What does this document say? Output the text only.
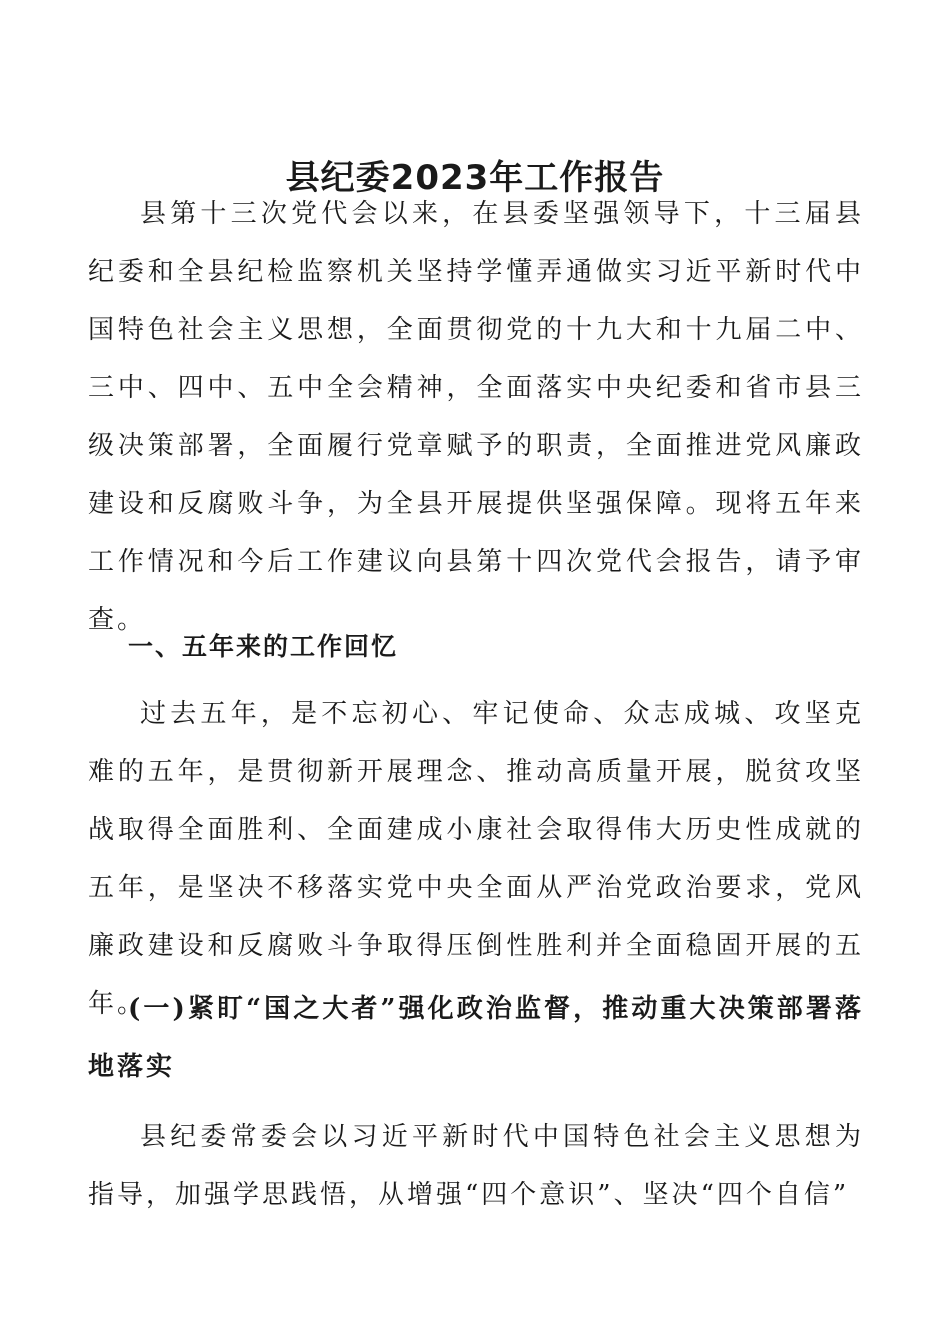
县纪委2023年工作报告

县第十三次党代会以来，在县委坚强领导下，十三届县纪委和全县纪检监察机关坚持学懂弄通做实习近平新时代中国特色社会主义思想，全面贯彻党的十九大和十九届二中、三中、四中、五中全会精神，全面落实中央纪委和省市县三级决策部署，全面履行党章赋予的职责，全面推进党风廉政建设和反腐败斗争，为全县开展提供坚强保障。现将五年来工作情况和今后工作建议向县第十四次党代会报告，请予审查。

一、五年来的工作回忆

过去五年，是不忘初心、牢记使命、众志成城、攻坚克难的五年，是贯彻新开展理念、推动高质量开展，脱贫攻坚战取得全面胜利、全面建成小康社会取得伟大历史性成就的五年，是坚决不移落实党中央全面从严治党政治要求，党风廉政建设和反腐败斗争取得压倒性胜利并全面稳固开展的五年。

(一)紧盯“国之大者”强化政治监督，推动重大决策部署落地落实

县纪委常委会以习近平新时代中国特色社会主义思想为指导，加强学思践悟，从增强“四个意识”、坚决“四个自信”
